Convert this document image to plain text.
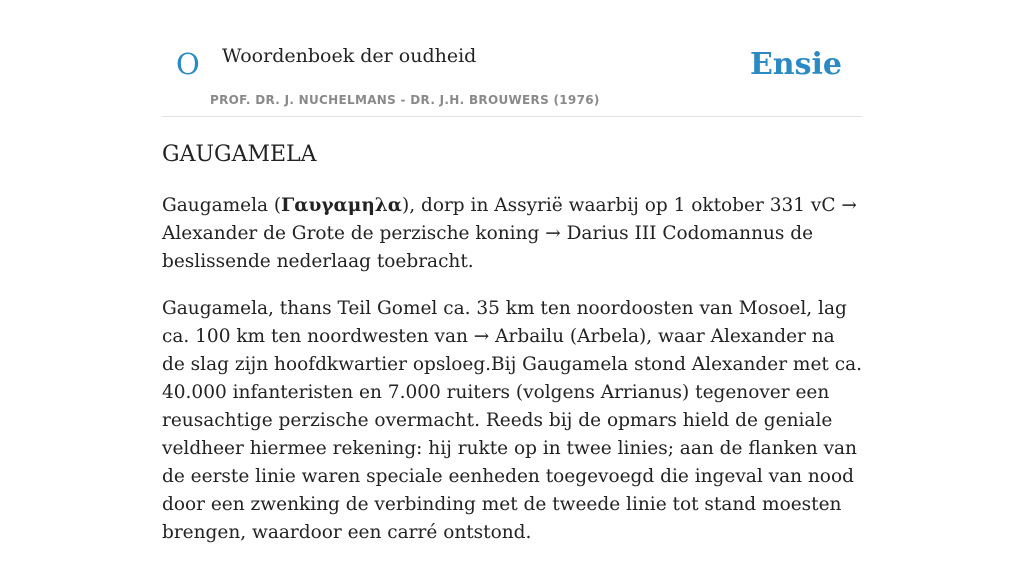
O Woordenboek der oudheid
PROF. DR. J. NUCHELMANS - DR. J.H. BROUWERS (1976)
Ensie
GAUGAMELA

Gaugamela (Γαυγαμηλα), dorp in Assyrië waarbij op 1 oktober 331 vC → Alexander de Grote de perzische koning → Darius III Codomannus de beslissende nederlaag toebracht.

Gaugamela, thans Teil Gomel ca. 35 km ten noordoosten van Mosoel, lag ca. 100 km ten noordwesten van → Arbailu (Arbela), waar Alexander na de slag zijn hoofdkwartier opsloeg.Bij Gaugamela stond Alexander met ca. 40.000 infanteristen en 7.000 ruiters (volgens Arrianus) tegenover een reusachtige perzische overmacht. Reeds bij de opmars hield de geniale veldheer hiermee rekening: hij rukte op in twee linies; aan de flanken van de eerste linie waren speciale eenheden toegevoegd die ingeval van nood door een zwenking de verbinding met de tweede linie tot stand moesten brengen, waardoor een carré ontstond.
